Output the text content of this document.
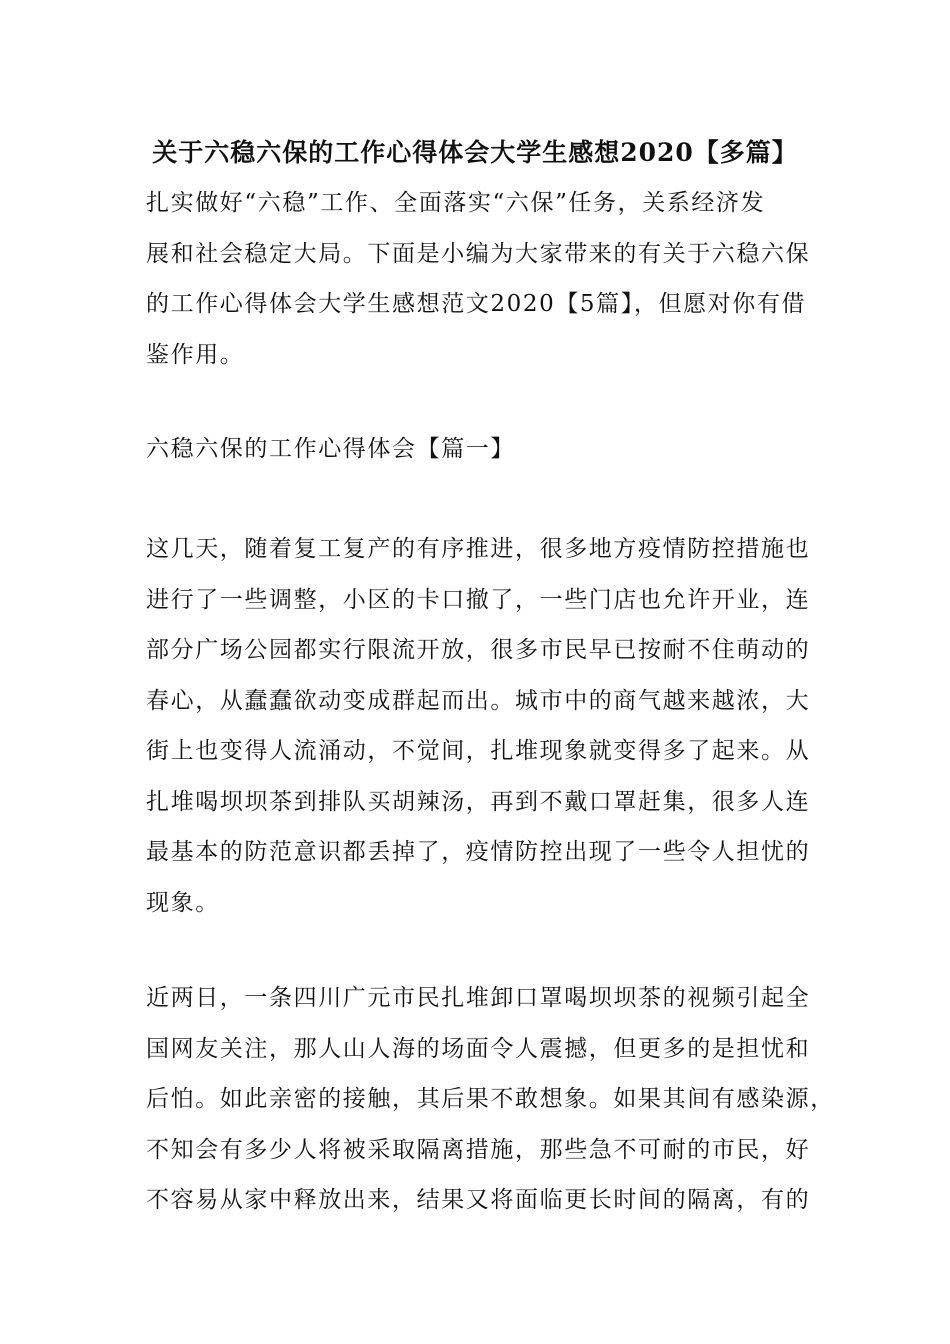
关于六稳六保的工作心得体会大学生感想2020【多篇】
扎实做好“六稳”工作、全面落实“六保”任务，关系经济发
展和社会稳定大局。下面是小编为大家带来的有关于六稳六保
的工作心得体会大学生感想范文2020【5篇】，但愿对你有借
鉴作用。
六稳六保的工作心得体会【篇一】
这几天，随着复工复产的有序推进，很多地方疫情防控措施也
进行了一些调整，小区的卡口撤了，一些门店也允许开业，连
部分广场公园都实行限流开放，很多市民早已按耐不住萌动的
春心，从蠢蠢欲动变成群起而出。城市中的商气越来越浓，大
街上也变得人流涌动，不觉间，扎堆现象就变得多了起来。从
扎堆喝坝坝茶到排队买胡辣汤，再到不戴口罩赶集，很多人连
最基本的防范意识都丢掉了，疫情防控出现了一些令人担忧的
现象。
近两日，一条四川广元市民扎堆卸口罩喝坝坝茶的视频引起全
国网友关注，那人山人海的场面令人震撼，但更多的是担忧和
后怕。如此亲密的接触，其后果不敢想象。如果其间有感染源，
不知会有多少人将被采取隔离措施，那些急不可耐的市民，好
不容易从家中释放出来，结果又将面临更长时间的隔离，有的
